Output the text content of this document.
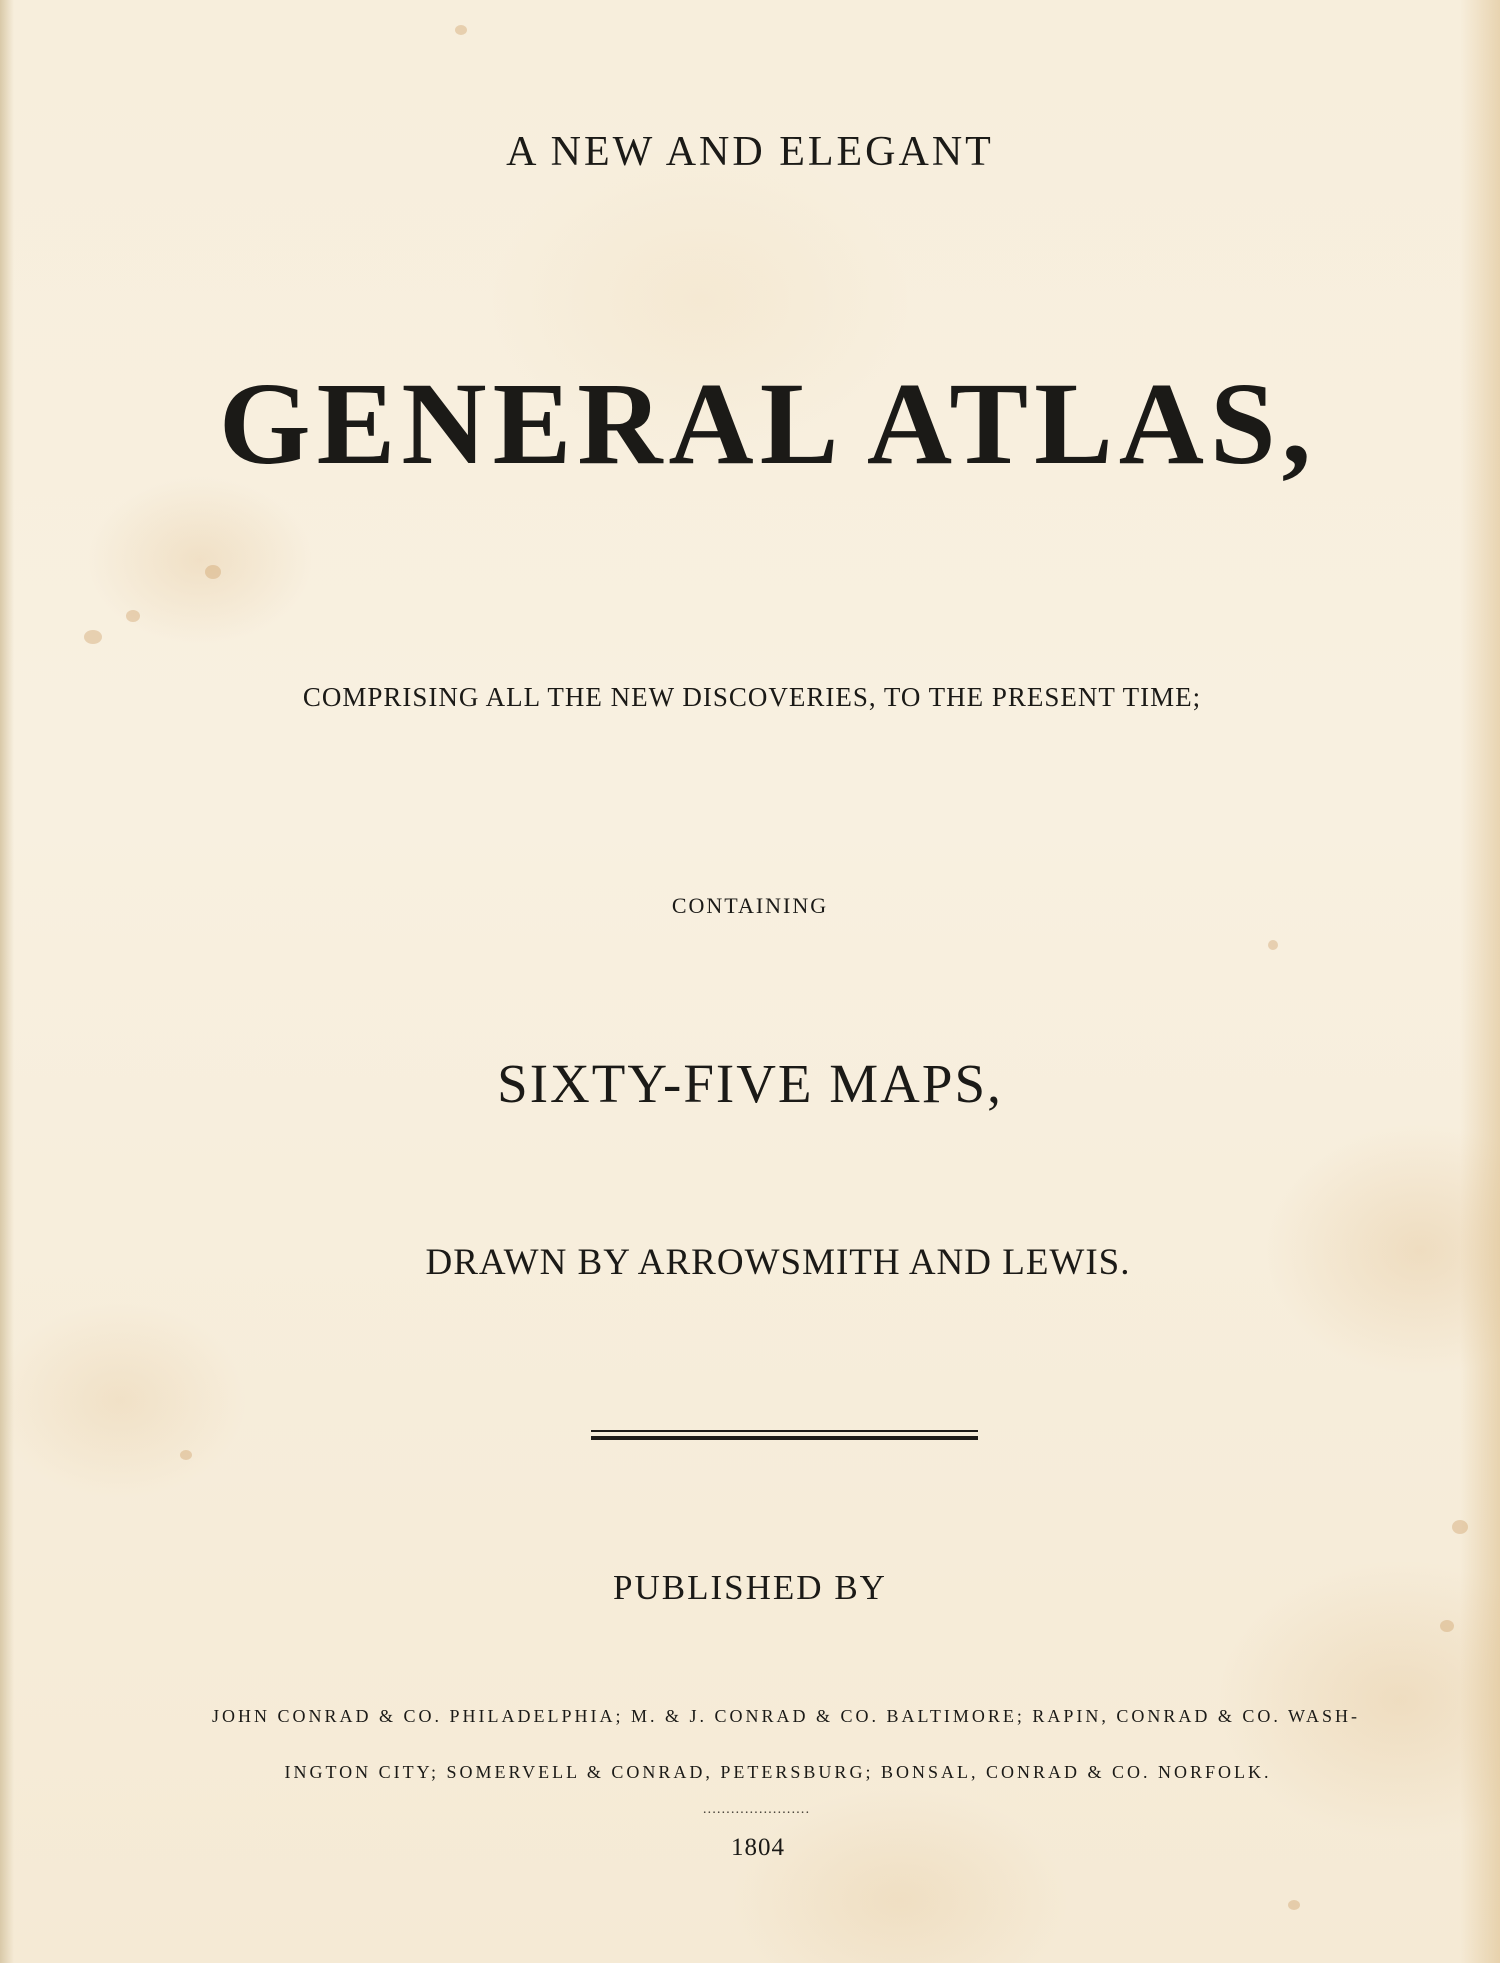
A NEW AND ELEGANT

GENERAL ATLAS,

COMPRISING ALL THE NEW DISCOVERIES, TO THE PRESENT TIME;

CONTAINING

SIXTY-FIVE MAPS,

DRAWN BY ARROWSMITH AND LEWIS.

PUBLISHED BY

JOHN CONRAD & CO. PHILADELPHIA; M. & J. CONRAD & CO. BALTIMORE; RAPIN, CONRAD & CO. WASH-

INGTON CITY; SOMERVELL & CONRAD, PETERSBURG; BONSAL, CONRAD & CO. NORFOLK.

·······················

1804
